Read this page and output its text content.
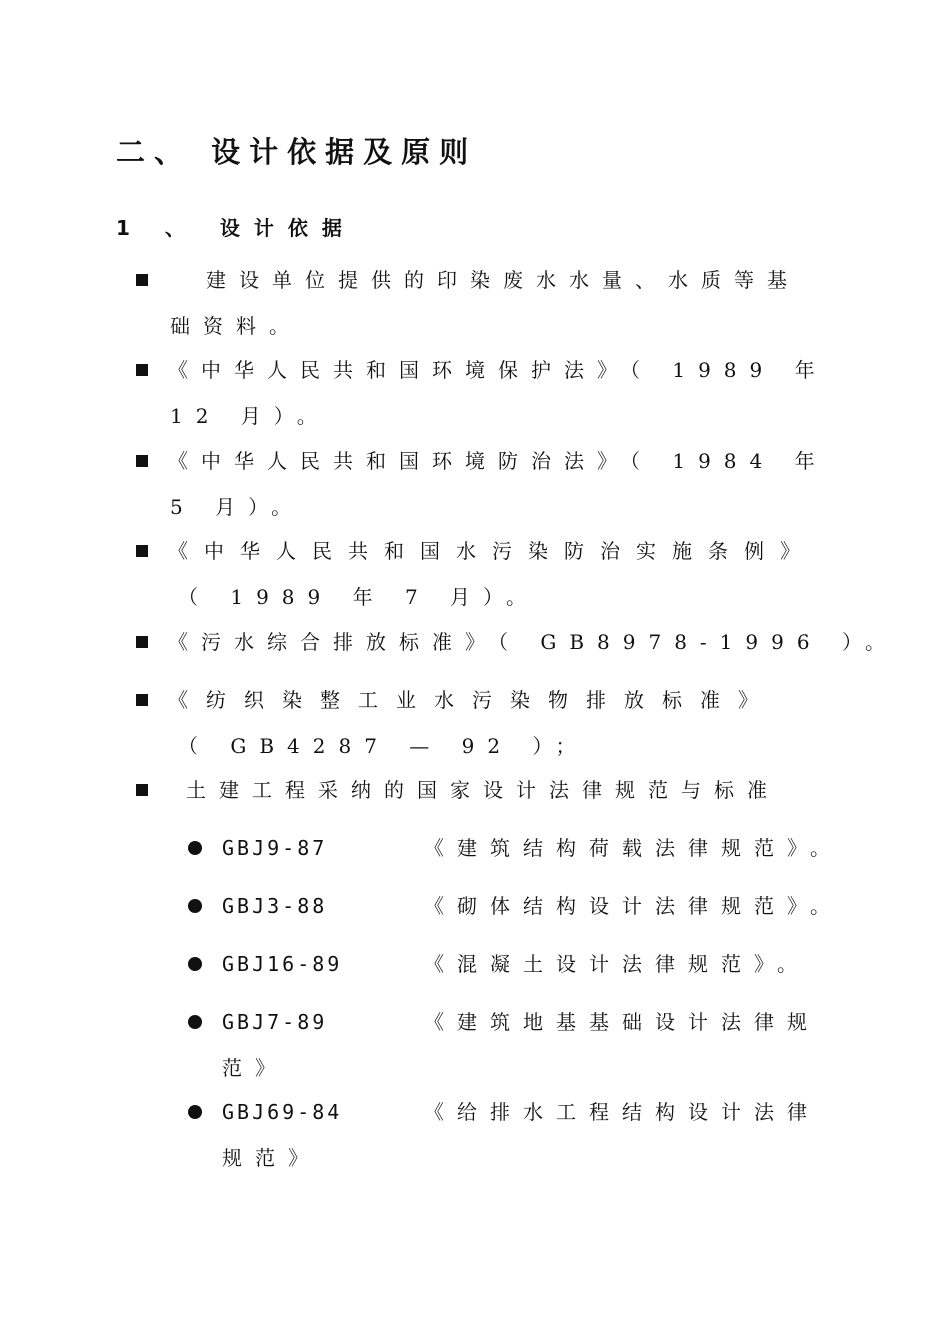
二、 设计依据及原则
1 、 设计依据
建设单位提供的印染废水水量、水质等基
础资料。
《中华人民共和国环境保护法》（ 1989 年
12 月）。
《中华人民共和国环境防治法》（ 1984 年
5 月）。
《中华人民共和国水污染防治实施条例》
（ 1989 年 7 月）。
《污水综合排放标准》（ GB8978-1996 ）。
《纺织染整工业水污染物排放标准》
（ GB4287 — 92 ）；
土建工程采纳的国家设计法律规范与标准
GBJ9-87	《建筑结构荷载法律规范》。
GBJ3-88	《砌体结构设计法律规范》。
GBJ16-89	《混凝土设计法律规范》。
GBJ7-89	《建筑地基基础设计法律规
范》
GBJ69-84	《给排水工程结构设计法律
规范》
